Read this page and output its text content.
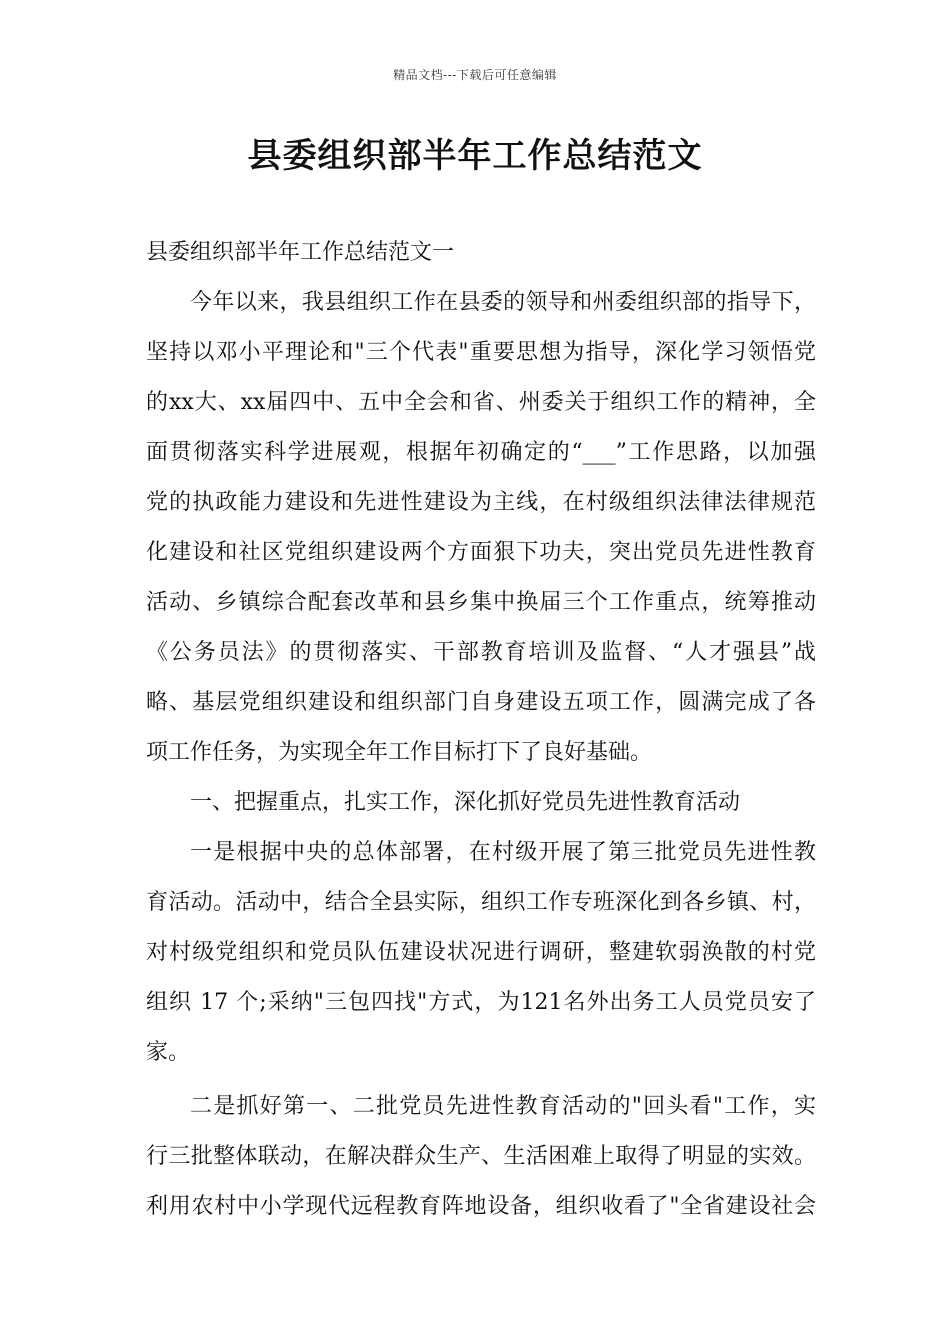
精品文档---下载后可任意编辑
县委组织部半年工作总结范文
县委组织部半年工作总结范文一
今年以来，我县组织工作在县委的领导和州委组织部的指导下，
坚持以邓小平理论和"三个代表"重要思想为指导，深化学习领悟党
的xx大、xx届四中、五中全会和省、州委关于组织工作的精神，全
面贯彻落实科学进展观，根据年初确定的“___”工作思路，以加强
党的执政能力建设和先进性建设为主线，在村级组织法律法律规范
化建设和社区党组织建设两个方面狠下功夫，突出党员先进性教育
活动、乡镇综合配套改革和县乡集中换届三个工作重点，统筹推动
《公务员法》的贯彻落实、干部教育培训及监督、“人才强县”战
略、基层党组织建设和组织部门自身建设五项工作，圆满完成了各
项工作任务，为实现全年工作目标打下了良好基础。
一、把握重点，扎实工作，深化抓好党员先进性教育活动
一是根据中央的总体部署，在村级开展了第三批党员先进性教
育活动。活动中，结合全县实际，组织工作专班深化到各乡镇、村，
对村级党组织和党员队伍建设状况进行调研，整建软弱涣散的村党
组织 17 个;采纳"三包四找"方式，为121名外出务工人员党员安了
家。
二是抓好第一、二批党员先进性教育活动的"回头看"工作，实
行三批整体联动，在解决群众生产、生活困难上取得了明显的实效。
利用农村中小学现代远程教育阵地设备，组织收看了"全省建设社会
